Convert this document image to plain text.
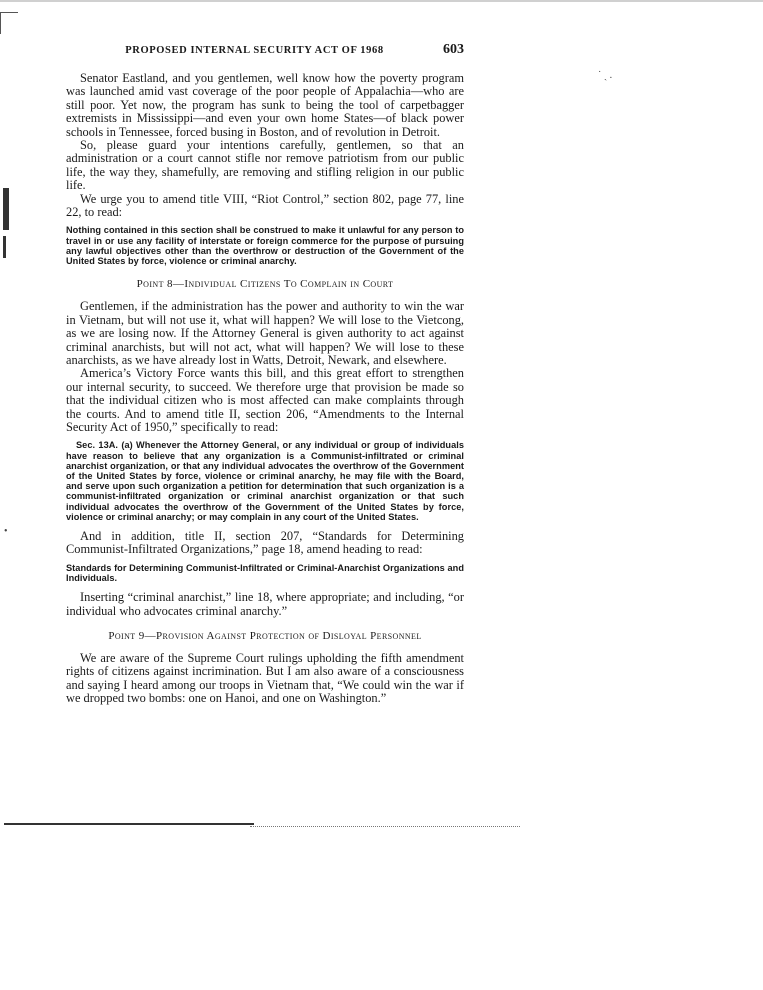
˙ ˎ .
•
PROPOSED INTERNAL SECURITY ACT OF 1968	603

Senator Eastland, and you gentlemen, well know how the poverty program was launched amid vast coverage of the poor people of Appalachia—who are still poor. Yet now, the program has sunk to being the tool of carpetbagger extremists in Mississippi—and even your own home States—of black power schools in Tennessee, forced busing in Boston, and of revolution in Detroit.

So, please guard your intentions carefully, gentlemen, so that an administration or a court cannot stifle nor remove patriotism from our public life, the way they, shamefully, are removing and stifling religion in our public life.

We urge you to amend title VIII, “Riot Control,” section 802, page 77, line 22, to read:

Nothing contained in this section shall be construed to make it unlawful for any person to travel in or use any facility of interstate or foreign commerce for the purpose of pursuing any lawful objectives other than the overthrow or destruction of the Government of the United States by force, violence or criminal anarchy.
Point 8—Individual Citizens To Complain in Court

Gentlemen, if the administration has the power and authority to win the war in Vietnam, but will not use it, what will happen? We will lose to the Vietcong, as we are losing now. If the Attorney General is given authority to act against criminal anarchists, but will not act, what will happen? We will lose to these anarchists, as we have already lost in Watts, Detroit, Newark, and elsewhere.

America’s Victory Force wants this bill, and this great effort to strengthen our internal security, to succeed. We therefore urge that provision be made so that the individual citizen who is most affected can make complaints through the courts. And to amend title II, section 206, “Amendments to the Internal Security Act of 1950,” specifically to read:

Sec. 13A. (a) Whenever the Attorney General, or any individual or group of individuals have reason to believe that any organization is a Communist-infiltrated or criminal anarchist organization, or that any individual advocates the overthrow of the Government of the United States by force, violence or criminal anarchy, he may file with the Board, and serve upon such organization a petition for determination that such organization is a communist-infiltrated organization or criminal anarchist organization or that such individual advocates the overthrow of the Government of the United States by force, violence or criminal anarchy; or may complain in any court of the United States.

And in addition, title II, section 207, “Standards for Determining Communist-Infiltrated Organizations,” page 18, amend heading to read:

Standards for Determining Communist-Infiltrated or Criminal-Anarchist Organizations and Individuals.

Inserting “criminal anarchist,” line 18, where appropriate; and including, “or individual who advocates criminal anarchy.”

Point 9—Provision Against Protection of Disloyal Personnel

We are aware of the Supreme Court rulings upholding the fifth amendment rights of citizens against incrimination. But I am also aware of a consciousness and saying I heard among our troops in Vietnam that, “We could win the war if we dropped two bombs: one on Hanoi, and one on Washington.”
